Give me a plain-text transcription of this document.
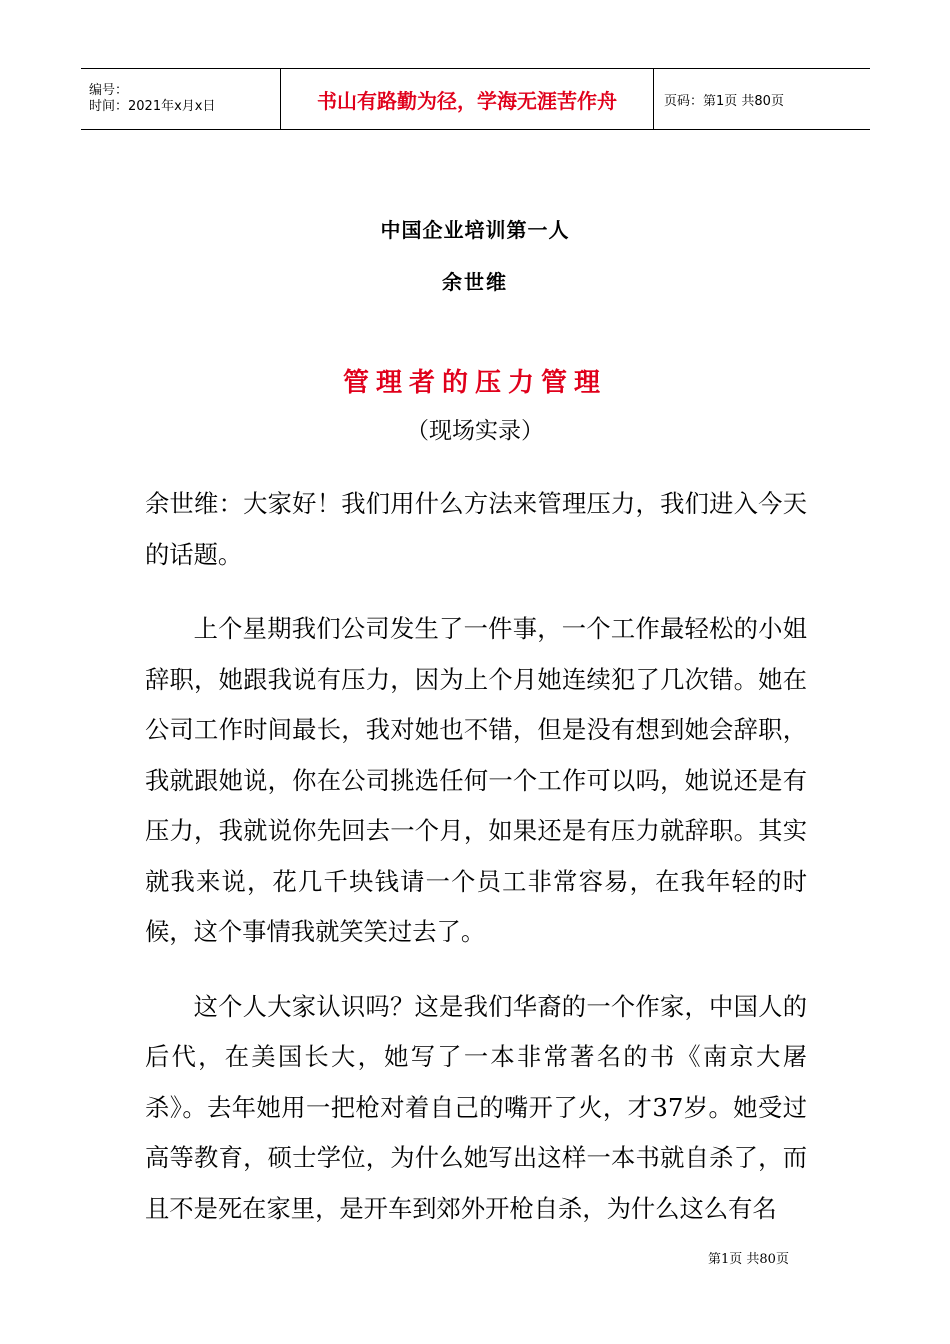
编号：
时间：2021年x月x日	书山有路勤为径，学海无涯苦作舟	页码：第1页 共80页
中国企业培训第一人
余世维
管理者的压力管理
（现场实录）

余世维：大家好！我们用什么方法来管理压力，我们进入今天的话题。

上个星期我们公司发生了一件事，一个工作最轻松的小姐辞职，她跟我说有压力，因为上个月她连续犯了几次错。她在公司工作时间最长，我对她也不错，但是没有想到她会辞职，我就跟她说，你在公司挑选任何一个工作可以吗，她说还是有压力，我就说你先回去一个月，如果还是有压力就辞职。其实就我来说，花几千块钱请一个员工非常容易，在我年轻的时候，这个事情我就笑笑过去了。

这个人大家认识吗？这是我们华裔的一个作家，中国人的后代，在美国长大，她写了一本非常著名的书《南京大屠杀》。去年她用一把枪对着自己的嘴开了火，才37岁。她受过高等教育，硕士学位，为什么她写出这样一本书就自杀了，而且不是死在家里，是开车到郊外开枪自杀，为什么这么有名

第1页 共80页
